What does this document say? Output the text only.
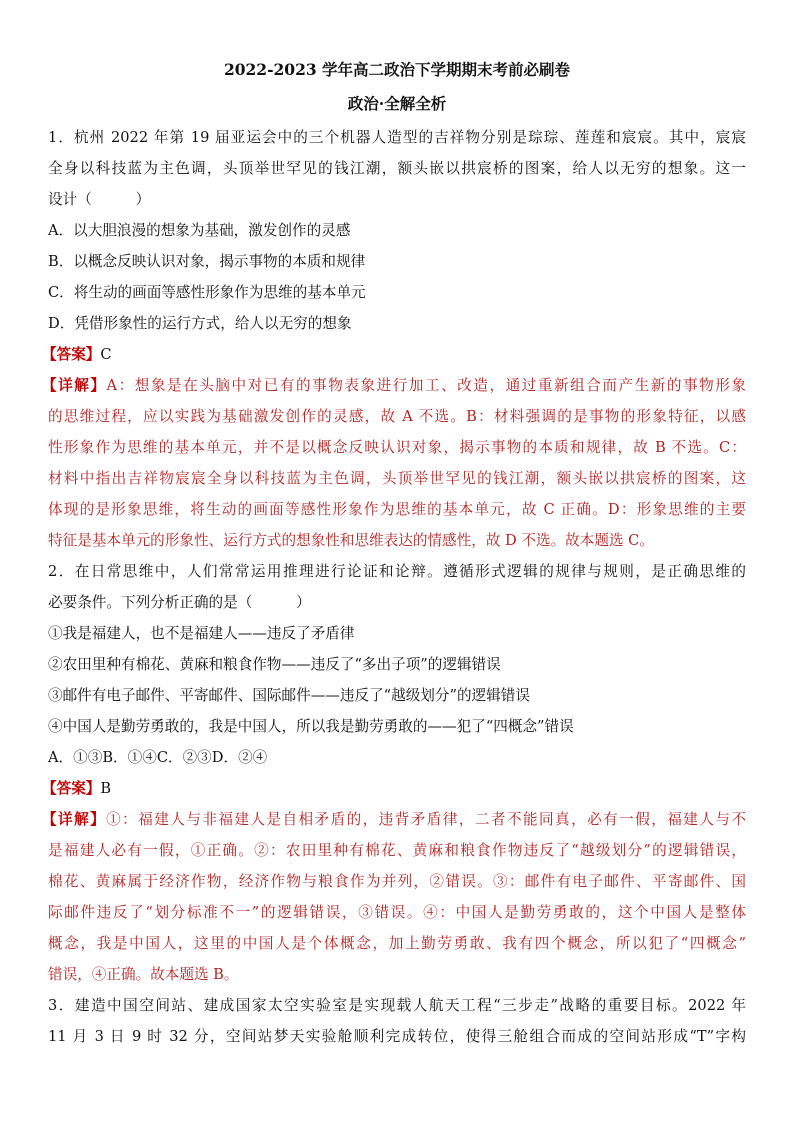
2022-2023 学年高二政治下学期期末考前必刷卷
政治·全解全析
1．杭州 2022 年第 19 届亚运会中的三个机器人造型的吉祥物分别是琮琮、莲莲和宸宸。其中，宸宸
全身以科技蓝为主色调，头顶举世罕见的钱江潮，额头嵌以拱宸桥的图案，给人以无穷的想象。这一
设计（　　　）
A．以大胆浪漫的想象为基础，激发创作的灵感
B．以概念反映认识对象，揭示事物的本质和规律
C．将生动的画面等感性形象作为思维的基本单元
D．凭借形象性的运行方式，给人以无穷的想象
【答案】C
【详解】A：想象是在头脑中对已有的事物表象进行加工、改造，通过重新组合而产生新的事物形象
的思维过程，应以实践为基础激发创作的灵感，故 A 不选。B：材料强调的是事物的形象特征，以感
性形象作为思维的基本单元，并不是以概念反映认识对象，揭示事物的本质和规律，故 B 不选。C：
材料中指出吉祥物宸宸全身以科技蓝为主色调，头顶举世罕见的钱江潮，额头嵌以拱宸桥的图案，这
体现的是形象思维，将生动的画面等感性形象作为思维的基本单元，故 C 正确。D：形象思维的主要
特征是基本单元的形象性、运行方式的想象性和思维表达的情感性，故 D 不选。故本题选 C。
2．在日常思维中，人们常常运用推理进行论证和论辩。遵循形式逻辑的规律与规则，是正确思维的
必要条件。下列分析正确的是（　　　）
①我是福建人，也不是福建人——违反了矛盾律
②农田里种有棉花、黄麻和粮食作物——违反了“多出子项”的逻辑错误
③邮件有电子邮件、平寄邮件、国际邮件——违反了“越级划分”的逻辑错误
④中国人是勤劳勇敢的，我是中国人，所以我是勤劳勇敢的——犯了“四概念”错误
A．①③B．①④C．②③D．②④
【答案】B
【详解】①：福建人与非福建人是自相矛盾的，违背矛盾律，二者不能同真，必有一假，福建人与不
是福建人必有一假，①正确。②：农田里种有棉花、黄麻和粮食作物违反了“越级划分”的逻辑错误，
棉花、黄麻属于经济作物，经济作物与粮食作为并列，②错误。③：邮件有电子邮件、平寄邮件、国
际邮件违反了“划分标准不一”的逻辑错误，③错误。④：中国人是勤劳勇敢的，这个中国人是整体
概念，我是中国人，这里的中国人是个体概念，加上勤劳勇敢、我有四个概念，所以犯了“四概念”
错误，④正确。故本题选 B。
3．建造中国空间站、建成国家太空实验室是实现载人航天工程“三步走”战略的重要目标。2022 年
11 月 3 日 9 时 32 分，空间站梦天实验舱顺利完成转位，使得三舱组合而成的空间站形成“T”字构
